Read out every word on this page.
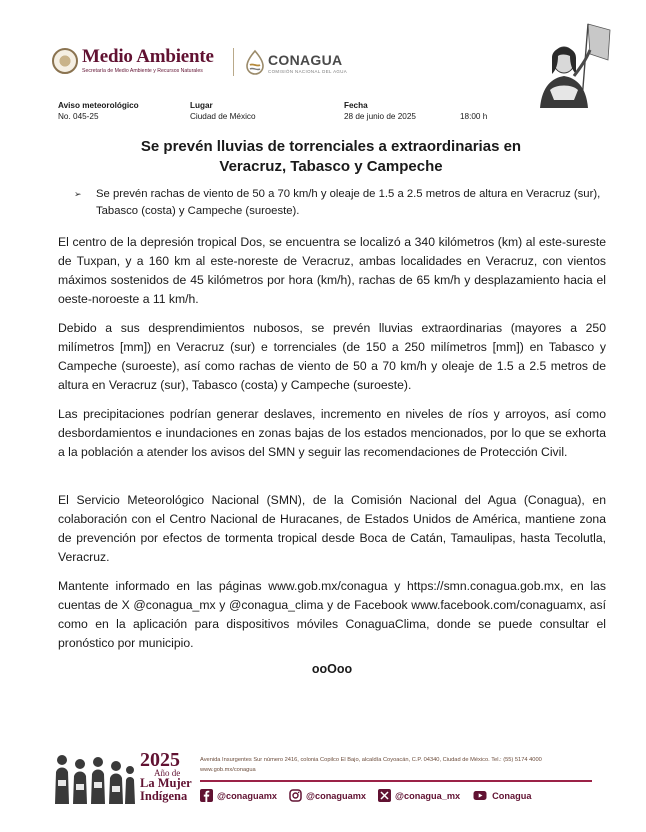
Medio Ambiente
Secretaría de Medio Ambiente y Recursos Naturales
CONAGUA
COMISIÓN NACIONAL DEL AGUA
Aviso meteorológico
No. 045-25
Lugar
Ciudad de México
Fecha
28 de junio de 2025	18:00 h
Se prevén lluvias de torrenciales a extraordinarias en
Veracruz, Tabasco y Campeche
➢ Se prevén rachas de viento de 50 a 70 km/h y oleaje de 1.5 a 2.5 metros de altura en Veracruz (sur), Tabasco (costa) y Campeche (suroeste).

El centro de la depresión tropical Dos, se encuentra se localizó a 340 kilómetros (km) al este-sureste de Tuxpan, y a 160 km al este-noreste de Veracruz, ambas localidades en Veracruz, con vientos máximos sostenidos de 45 kilómetros por hora (km/h), rachas de 65 km/h y desplazamiento hacia el oeste-noroeste a 11 km/h.

Debido a sus desprendimientos nubosos, se prevén lluvias extraordinarias (mayores a 250 milímetros [mm]) en Veracruz (sur) e torrenciales (de 150 a 250 milímetros [mm]) en Tabasco y Campeche (suroeste), así como rachas de viento de 50 a 70 km/h y oleaje de 1.5 a 2.5 metros de altura en Veracruz (sur), Tabasco (costa) y Campeche (suroeste).

Las precipitaciones podrían generar deslaves, incremento en niveles de ríos y arroyos, así como desbordamientos e inundaciones en zonas bajas de los estados mencionados, por lo que se exhorta a la población a atender los avisos del SMN y seguir las recomendaciones de Protección Civil.

El Servicio Meteorológico Nacional (SMN), de la Comisión Nacional del Agua (Conagua), en colaboración con el Centro Nacional de Huracanes, de Estados Unidos de América, mantiene zona de prevención por efectos de tormenta tropical desde Boca de Catán, Tamaulipas, hasta Tecolutla, Veracruz.

Mantente informado en las páginas www.gob.mx/conagua y https://smn.conagua.gob.mx, en las cuentas de X @conagua_mx y @conagua_clima y de Facebook www.facebook.com/conaguamx, así como en la aplicación para dispositivos móviles ConaguaClima, donde se puede consultar el pronóstico por municipio.

ooOoo
2025
Año de
La Mujer
Indígena
Avenida Insurgentes Sur número 2416, colonia Copilco El Bajo, alcaldía Coyoacán, C.P. 04340, Ciudad de México. Tel.: (55) 5174 4000
www.gob.mx/conagua
@conaguamx	@conaguamx	@conagua_mx	Conagua
